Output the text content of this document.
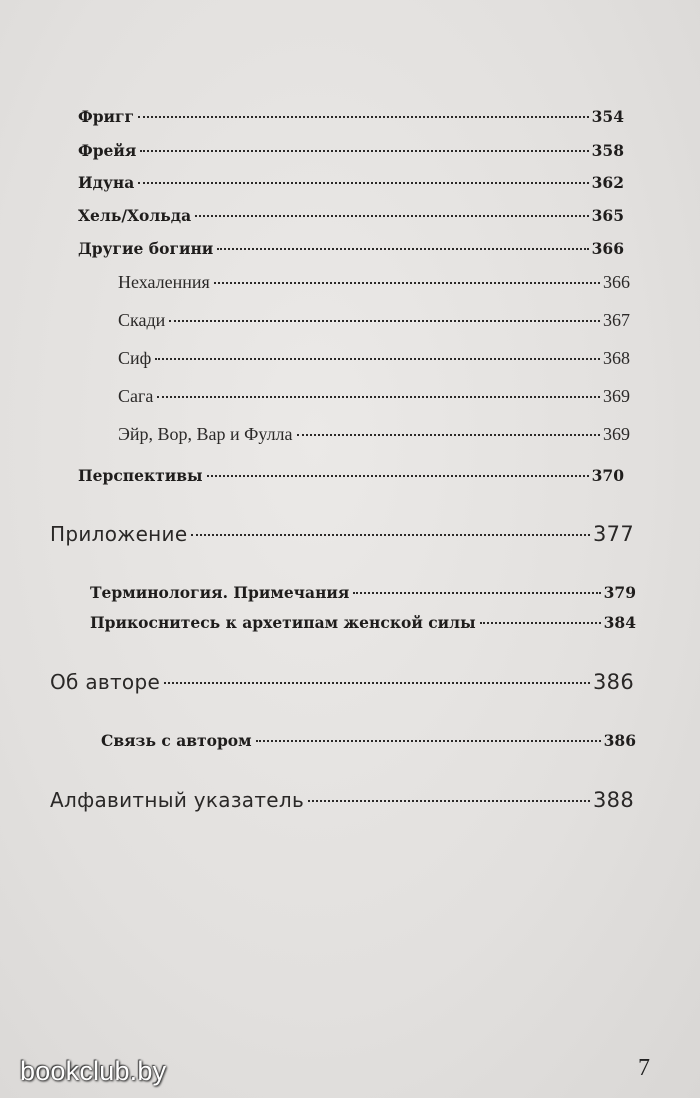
Фригг	354
Фрейя	358
Идуна	362
Хель/Хольда	365
Другие богини	366
Нехаленния	366
Скади	367
Сиф	368
Сага	369
Эйр, Вор, Вар и Фулла	369
Перспективы	370
Приложение	377
Терминология. Примечания	379
Прикоснитесь к архетипам женской силы	384
Об авторе	386
Связь с автором	386
Алфавитный указатель	388
bookclub.by	7
